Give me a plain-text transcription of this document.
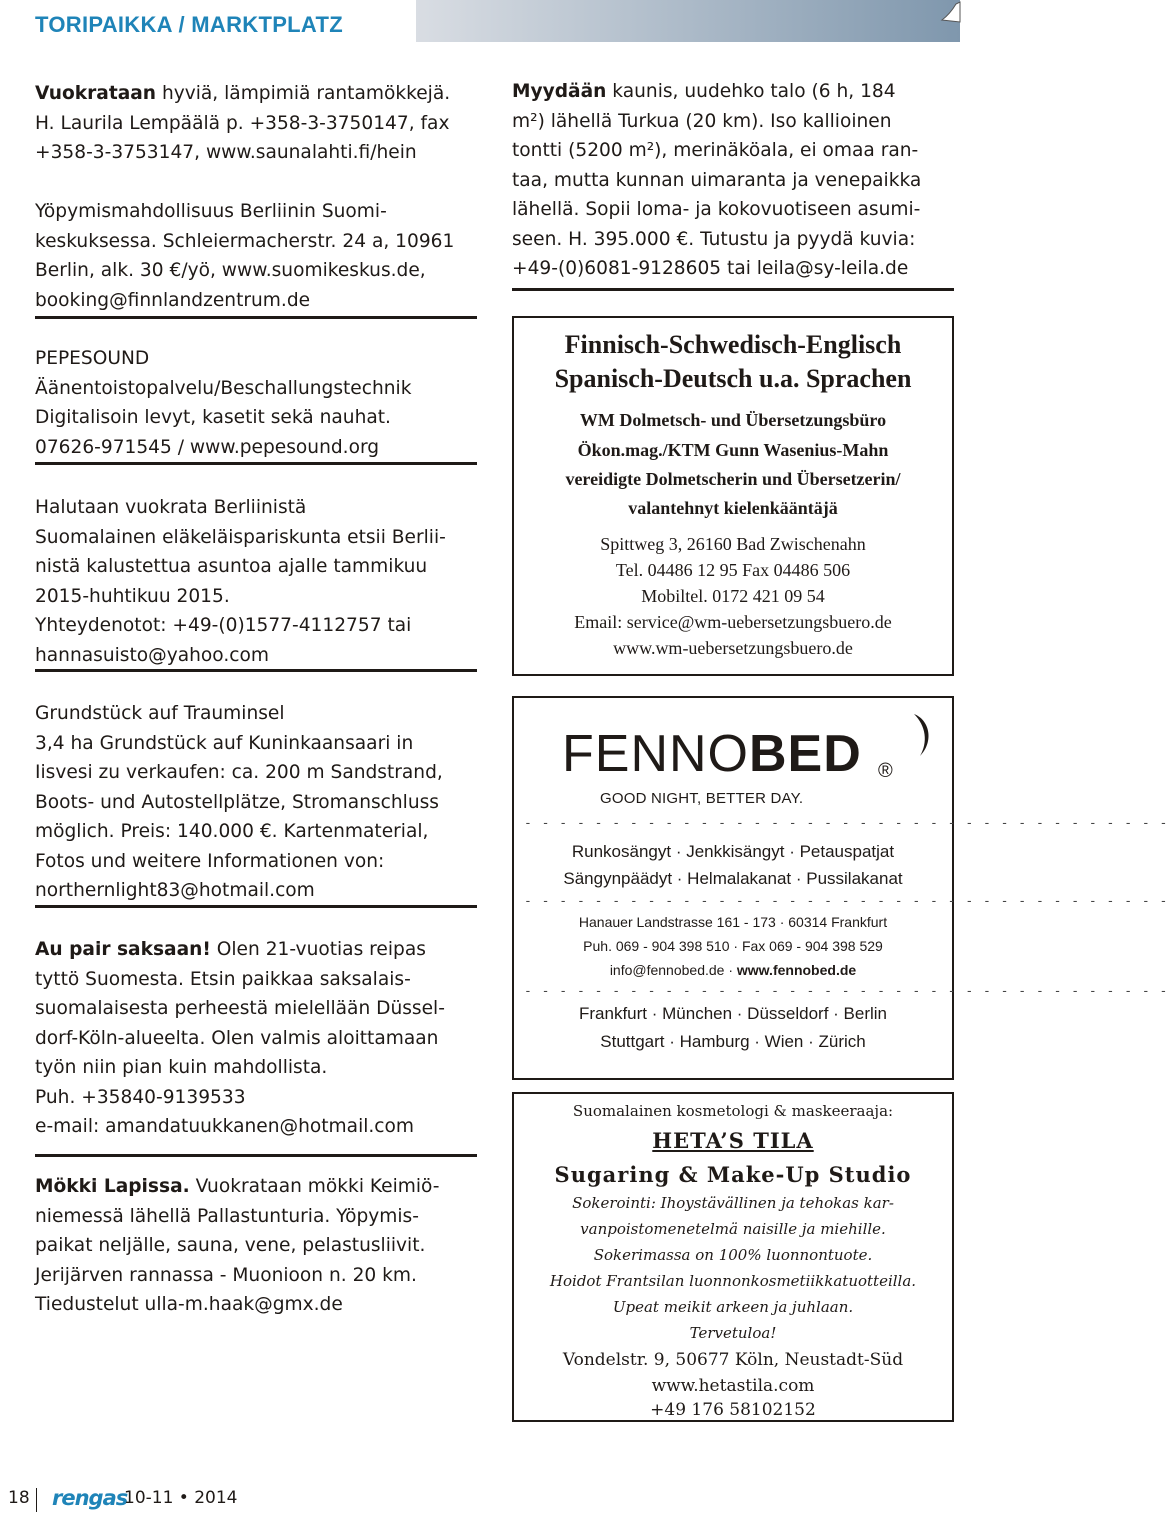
TORIPAIKKA / MARKTPLATZ
Vuokrataan hyviä, lämpimiä rantamökkejä.
H. Laurila Lempäälä p. +358-3-3750147, fax
+358-3-3753147, www.saunalahti.fi/hein
Yöpymismahdollisuus Berliinin Suomi-
keskuksessa. Schleiermacherstr. 24 a, 10961
Berlin, alk. 30 €/yö, www.suomikeskus.de,
booking@finnlandzentrum.de
PEPESOUND
Äänentoistopalvelu/Beschallungstechnik
Digitalisoin levyt, kasetit sekä nauhat.
07626-971545 / www.pepesound.org
Halutaan vuokrata Berliinistä
Suomalainen eläkeläispariskunta etsii Berlii-
nistä kalustettua asuntoa ajalle tammikuu
2015-huhtikuu 2015.
Yhteydenotot: +49-(0)1577-4112757 tai
hannasuisto@yahoo.com
Grundstück auf Trauminsel
3,4 ha Grundstück auf Kuninkaansaari in
Iisvesi zu verkaufen: ca. 200 m Sandstrand,
Boots- und Autostellplätze, Stromanschluss
möglich. Preis: 140.000 €. Kartenmaterial,
Fotos und weitere Informationen von:
northernlight83@hotmail.com
Au pair saksaan! Olen 21-vuotias reipas
tyttö Suomesta. Etsin paikkaa saksalais-
suomalaisesta perheestä mielellään Düssel-
dorf-Köln-alueelta. Olen valmis aloittamaan
työn niin pian kuin mahdollista.
Puh. +35840-9139533
e-mail: amandatuukkanen@hotmail.com
Mökki Lapissa. Vuokrataan mökki Keimiö-
niemessä lähellä Pallastunturia. Yöpymis-
paikat neljälle, sauna, vene, pelastusliivit.
Jerijärven rannassa - Muonioon n. 20 km.
Tiedustelut ulla-m.haak@gmx.de
Myydään kaunis, uudehko talo (6 h, 184
m²) lähellä Turkua (20 km). Iso kallioinen
tontti (5200 m²), merinäköala, ei omaa ran-
taa, mutta kunnan uimaranta ja venepaikka
lähellä. Sopii loma- ja kokovuotiseen asumi-
seen. H. 395.000 €. Tutustu ja pyydä kuvia:
+49-(0)6081-9128605 tai leila@sy-leila.de
Finnisch-Schwedisch-Englisch
Spanisch-Deutsch u.a. Sprachen
WM Dolmetsch- und Übersetzungsbüro
Ökon.mag./KTM Gunn Wasenius-Mahn
vereidigte Dolmetscherin und Übersetzerin/
valantehnyt kielenkääntäjä
Spittweg 3, 26160 Bad Zwischenahn
Tel. 04486 12 95 Fax 04486 506
Mobiltel. 0172 421 09 54
Email: service@wm-uebersetzungsbuero.de
www.wm-uebersetzungsbuero.de
FENNOBED ®
GOOD NIGHT, BETTER DAY.
- - - - - - - - - - - - - - - - - - - - - - - - - - - - - - - - - - - - -
Runkosängyt · Jenkkisängyt · Petauspatjat
Sängynpäädyt · Helmalakanat · Pussilakanat
- - - - - - - - - - - - - - - - - - - - - - - - - - - - - - - - - - - - -
Hanauer Landstrasse 161 - 173 · 60314 Frankfurt
Puh. 069 - 904 398 510 · Fax 069 - 904 398 529
info@fennobed.de · www.fennobed.de
- - - - - - - - - - - - - - - - - - - - - - - - - - - - - - - - - - - - -
Frankfurt · München · Düsseldorf · Berlin
Stuttgart · Hamburg · Wien · Zürich
Suomalainen kosmetologi & maskeeraaja:
HETA’S TILA
Sugaring & Make-Up Studio
Sokerointi: Ihoystävällinen ja tehokas kar-
vanpoistomenetelmä naisille ja miehille.
Sokerimassa on 100% luonnontuote.
Hoidot Frantsilan luonnonkosmetiikkatuotteilla.
Upeat meikit arkeen ja juhlaan.
Tervetuloa!
Vondelstr. 9, 50677 Köln, Neustadt-Süd
www.hetastila.com
+49 176 58102152
18 rengas
10-11 • 2014
